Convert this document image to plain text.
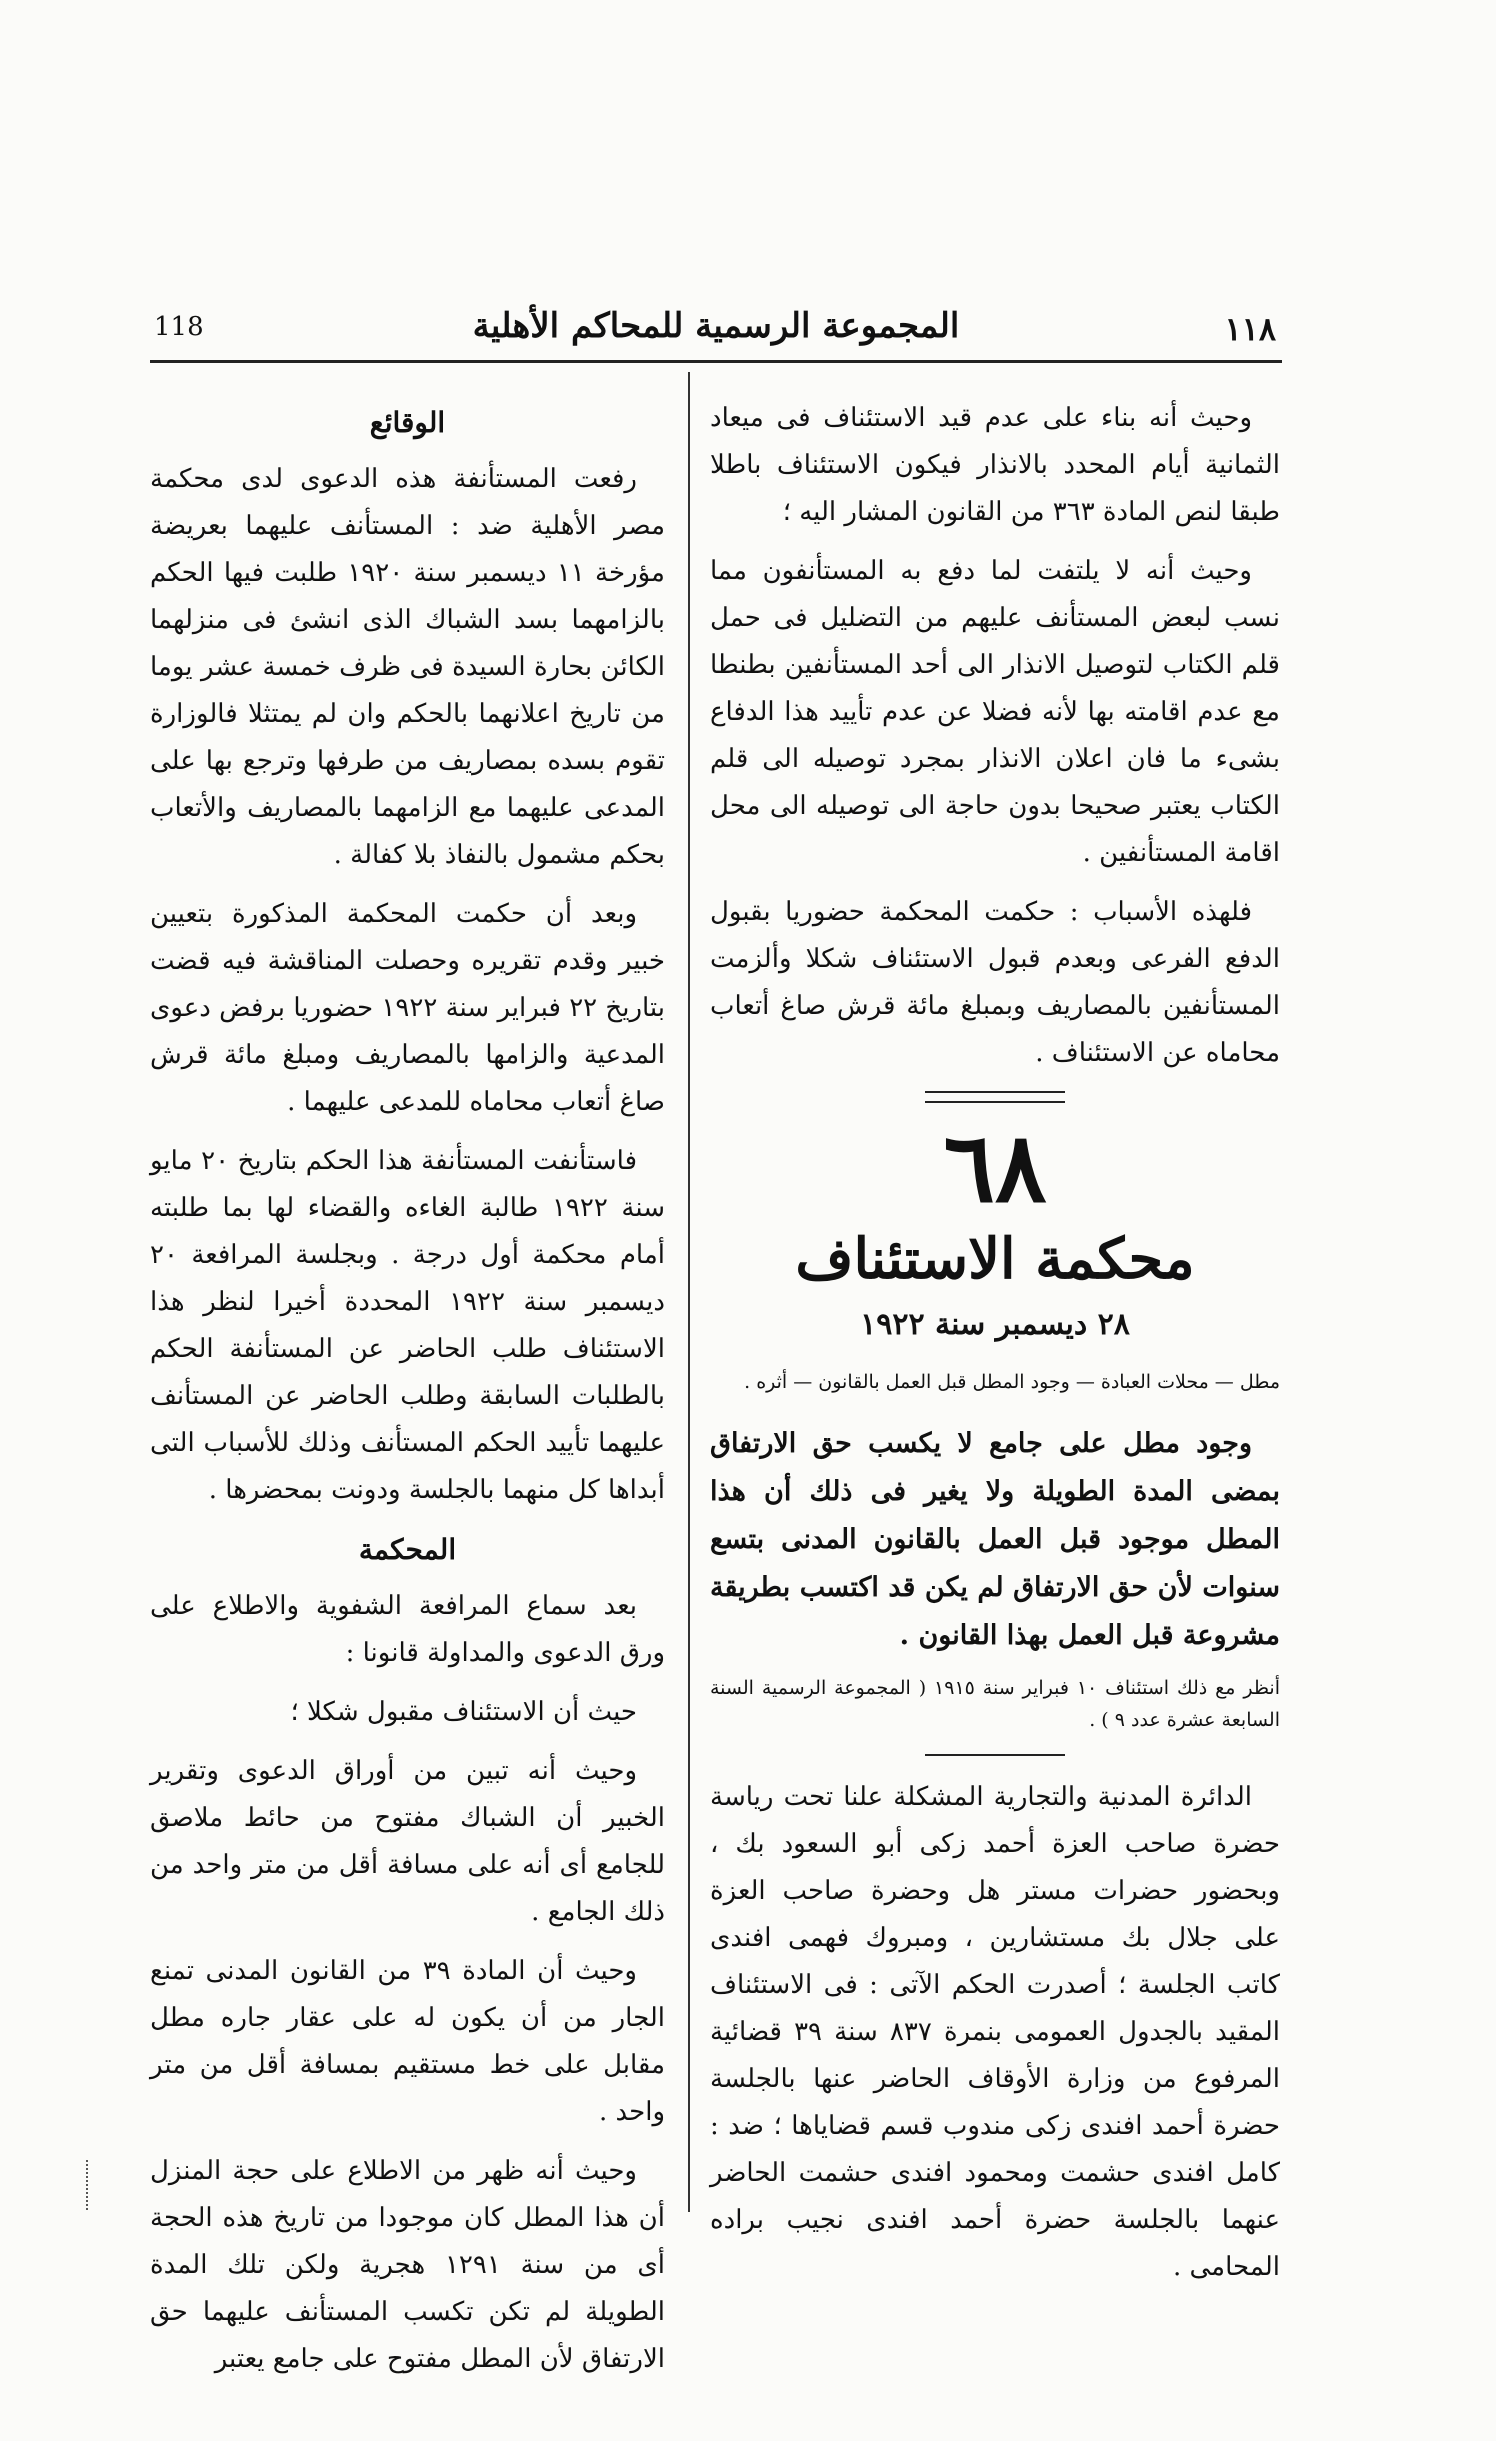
118	المجموعة الرسمية للمحاكم الأهلية	١١٨

وحيث أنه بناء على عدم قيد الاستئناف فى ميعاد الثمانية أيام المحدد بالانذار فيكون الاستئناف باطلا طبقا لنص المادة ٣٦٣ من القانون المشار اليه ؛

وحيث أنه لا يلتفت لما دفع به المستأنفون مما نسب لبعض المستأنف عليهم من التضليل فى حمل قلم الكتاب لتوصيل الانذار الى أحد المستأنفين بطنطا مع عدم اقامته بها لأنه فضلا عن عدم تأييد هذا الدفاع بشىء ما فان اعلان الانذار بمجرد توصيله الى قلم الكتاب يعتبر صحيحا بدون حاجة الى توصيله الى محل اقامة المستأنفين .

فلهذه الأسباب : حكمت المحكمة حضوريا بقبول الدفع الفرعى وبعدم قبول الاستئناف شكلا وألزمت المستأنفين بالمصاريف وبمبلغ مائة قرش صاغ أتعاب محاماه عن الاستئناف .

٦٨
محكمة الاستئناف
٢٨ ديسمبر سنة ١٩٢٢

مطل — محلات العبادة — وجود المطل قبل العمل بالقانون — أثره .

وجود مطل على جامع لا يكسب حق الارتفاق بمضى المدة الطويلة ولا يغير فى ذلك أن هذا المطل موجود قبل العمل بالقانون المدنى بتسع سنوات لأن حق الارتفاق لم يكن قد اكتسب بطريقة مشروعة قبل العمل بهذا القانون .

أنظر مع ذلك استئناف ١٠ فبراير سنة ١٩١٥ ( المجموعة الرسمية السنة السابعة عشرة عدد ٩ ) .

الدائرة المدنية والتجارية المشكلة علنا تحت رياسة حضرة صاحب العزة أحمد زكى أبو السعود بك ، وبحضور حضرات مستر هل وحضرة صاحب العزة على جلال بك مستشارين ، ومبروك فهمى افندى كاتب الجلسة ؛ أصدرت الحكم الآتى : فى الاستئناف المقيد بالجدول العمومى بنمرة ٨٣٧ سنة ٣٩ قضائية المرفوع من وزارة الأوقاف الحاضر عنها بالجلسة حضرة أحمد افندى زكى مندوب قسم قضاياها ؛ ضد : كامل افندى حشمت ومحمود افندى حشمت الحاضر عنهما بالجلسة حضرة أحمد افندى نجيب براده المحامى .

الوقائع

رفعت المستأنفة هذه الدعوى لدى محكمة مصر الأهلية ضد : المستأنف عليهما بعريضة مؤرخة ١١ ديسمبر سنة ١٩٢٠ طلبت فيها الحكم بالزامهما بسد الشباك الذى انشئ فى منزلهما الكائن بحارة السيدة فى ظرف خمسة عشر يوما من تاريخ اعلانهما بالحكم وان لم يمتثلا فالوزارة تقوم بسده بمصاريف من طرفها وترجع بها على المدعى عليهما مع الزامهما بالمصاريف والأتعاب بحكم مشمول بالنفاذ بلا كفالة .

وبعد أن حكمت المحكمة المذكورة بتعيين خبير وقدم تقريره وحصلت المناقشة فيه قضت بتاريخ ٢٢ فبراير سنة ١٩٢٢ حضوريا برفض دعوى المدعية والزامها بالمصاريف ومبلغ مائة قرش صاغ أتعاب محاماه للمدعى عليهما .

فاستأنفت المستأنفة هذا الحكم بتاريخ ٢٠ مايو سنة ١٩٢٢ طالبة الغاءه والقضاء لها بما طلبته أمام محكمة أول درجة . وبجلسة المرافعة ٢٠ ديسمبر سنة ١٩٢٢ المحددة أخيرا لنظر هذا الاستئناف طلب الحاضر عن المستأنفة الحكم بالطلبات السابقة وطلب الحاضر عن المستأنف عليهما تأييد الحكم المستأنف وذلك للأسباب التى أبداها كل منهما بالجلسة ودونت بمحضرها .

المحكمة

بعد سماع المرافعة الشفوية والاطلاع على ورق الدعوى والمداولة قانونا :

حيث أن الاستئناف مقبول شكلا ؛

وحيث أنه تبين من أوراق الدعوى وتقرير الخبير أن الشباك مفتوح من حائط ملاصق للجامع أى أنه على مسافة أقل من متر واحد من ذلك الجامع .

وحيث أن المادة ٣٩ من القانون المدنى تمنع الجار من أن يكون له على عقار جاره مطل مقابل على خط مستقيم بمسافة أقل من متر واحد .

وحيث أنه ظهر من الاطلاع على حجة المنزل أن هذا المطل كان موجودا من تاريخ هذه الحجة أى من سنة ١٢٩١ هجرية ولكن تلك المدة الطويلة لم تكن تكسب المستأنف عليهما حق الارتفاق لأن المطل مفتوح على جامع يعتبر
